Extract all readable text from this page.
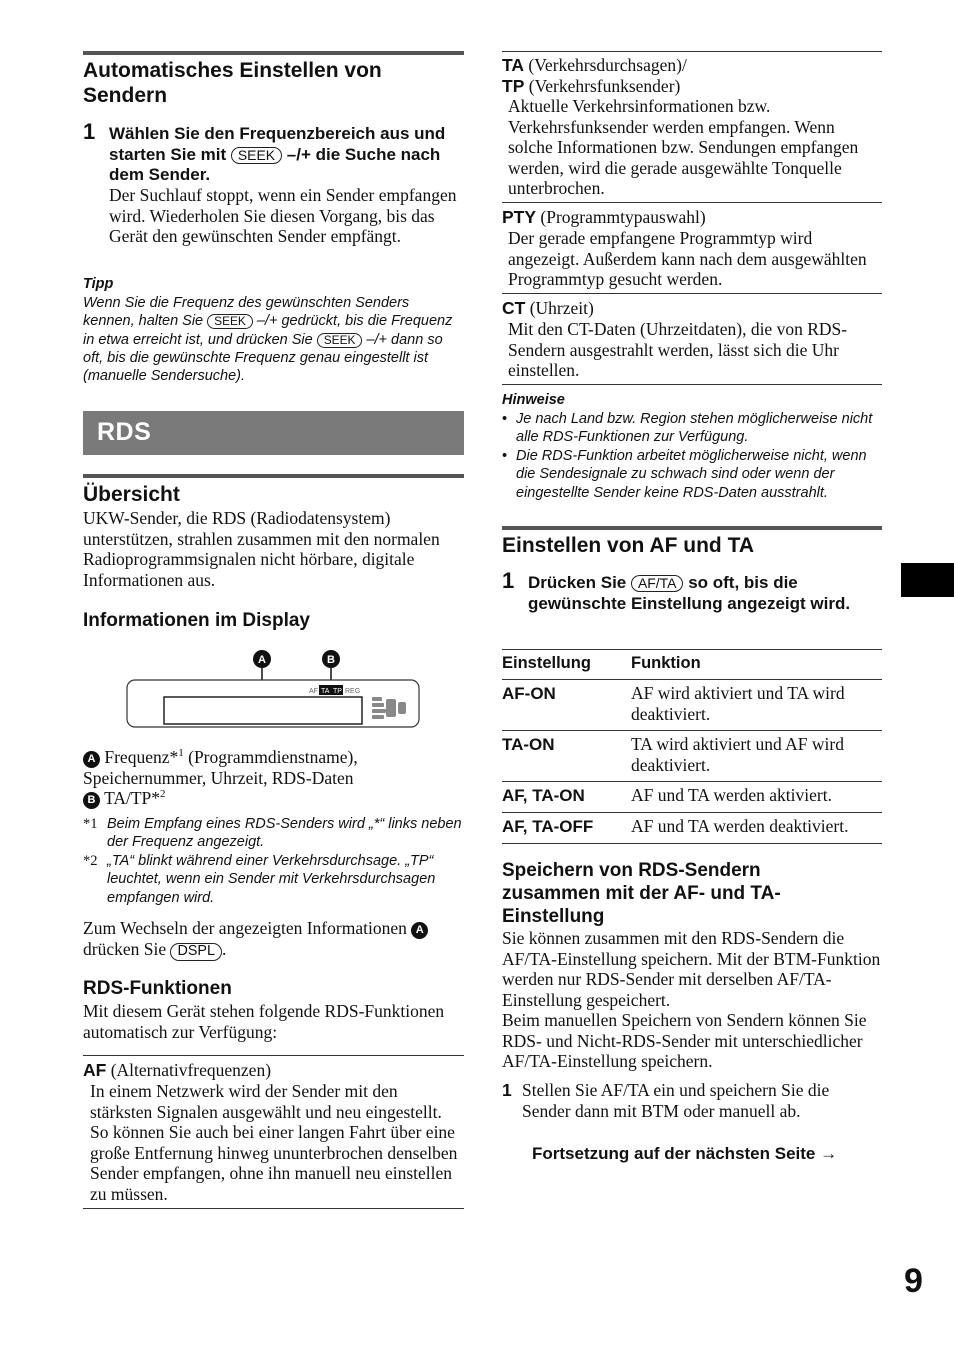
Automatisches Einstellen von Sendern
1 Wählen Sie den Frequenzbereich aus und starten Sie mit SEEK –/+ die Suche nach dem Sender.
Der Suchlauf stoppt, wenn ein Sender empfangen wird. Wiederholen Sie diesen Vorgang, bis das Gerät den gewünschten Sender empfängt.
Tipp
Wenn Sie die Frequenz des gewünschten Senders kennen, halten Sie SEEK –/+ gedrückt, bis die Frequenz in etwa erreicht ist, und drücken Sie SEEK –/+ dann so oft, bis die gewünschte Frequenz genau eingestellt ist (manuelle Sendersuche).
RDS
Übersicht
UKW-Sender, die RDS (Radiodatensystem) unterstützen, strahlen zusammen mit den normalen Radioprogrammsignalen nicht hörbare, digitale Informationen aus.
Informationen im Display
A	B
AF TA TP REG
A Frequenz*$^1$ (Programmdienstname), Speichernummer, Uhrzeit, RDS-Daten
B TA/TP*$^2$
*1 Beim Empfang eines RDS-Senders wird „*“ links neben der Frequenz angezeigt.
*2 „TA“ blinkt während einer Verkehrsdurchsage. „TP“ leuchtet, wenn ein Sender mit Verkehrsdurchsagen empfangen wird.
Zum Wechseln der angezeigten Informationen A drücken Sie DSPL .
RDS-Funktionen
Mit diesem Gerät stehen folgende RDS-Funktionen automatisch zur Verfügung:
AF (Alternativfrequenzen)
In einem Netzwerk wird der Sender mit den stärksten Signalen ausgewählt und neu eingestellt. So können Sie auch bei einer langen Fahrt über eine große Entfernung hinweg ununterbrochen denselben Sender empfangen, ohne ihn manuell neu einstellen zu müssen.
TA (Verkehrsdurchsagen)/
TP (Verkehrsfunksender)
Aktuelle Verkehrsinformationen bzw. Verkehrsfunksender werden empfangen. Wenn solche Informationen bzw. Sendungen empfangen werden, wird die gerade ausgewählte Tonquelle unterbrochen.
PTY (Programmtypauswahl)
Der gerade empfangene Programmtyp wird angezeigt. Außerdem kann nach dem ausgewählten Programmtyp gesucht werden.
CT (Uhrzeit)
Mit den CT-Daten (Uhrzeitdaten), die von RDS-Sendern ausgestrahlt werden, lässt sich die Uhr einstellen.
Hinweise
• Je nach Land bzw. Region stehen möglicherweise nicht alle RDS-Funktionen zur Verfügung.
• Die RDS-Funktion arbeitet möglicherweise nicht, wenn die Sendesignale zu schwach sind oder wenn der eingestellte Sender keine RDS-Daten ausstrahlt.
Einstellen von AF und TA
1 Drücken Sie AF/TA so oft, bis die gewünschte Einstellung angezeigt wird.
Einstellung	Funktion
AF-ON	AF wird aktiviert und TA wird deaktiviert.
TA-ON	TA wird aktiviert und AF wird deaktiviert.
AF, TA-ON	AF und TA werden aktiviert.
AF, TA-OFF	AF und TA werden deaktiviert.
Speichern von RDS-Sendern zusammen mit der AF- und TA-Einstellung
Sie können zusammen mit den RDS-Sendern die AF/TA-Einstellung speichern. Mit der BTM-Funktion werden nur RDS-Sender mit derselben AF/TA-Einstellung gespeichert.
Beim manuellen Speichern von Sendern können Sie RDS- und Nicht-RDS-Sender mit unterschiedlicher AF/TA-Einstellung speichern.
1 Stellen Sie AF/TA ein und speichern Sie die Sender dann mit BTM oder manuell ab.
Fortsetzung auf der nächsten Seite →
9
